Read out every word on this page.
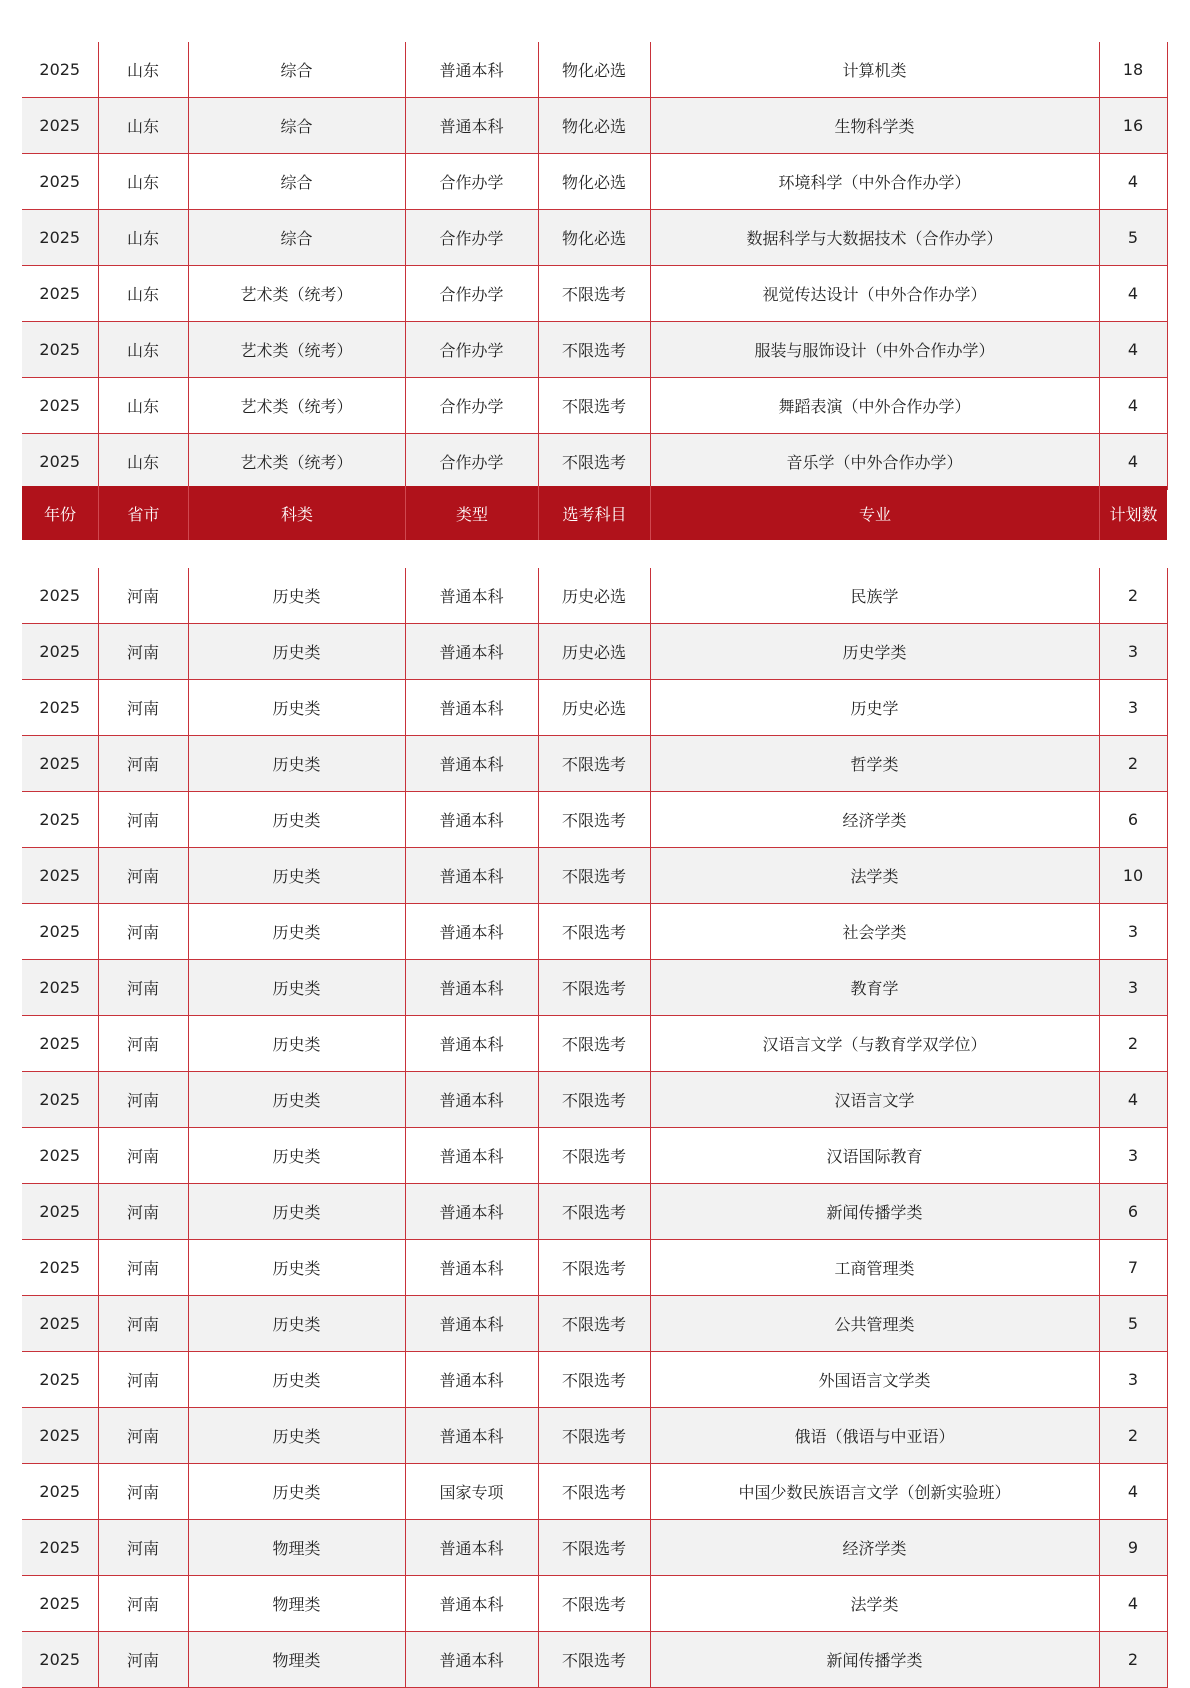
2025	山东	综合	普通本科	物化必选	计算机类	18
2025	山东	综合	普通本科	物化必选	生物科学类	16
2025	山东	综合	合作办学	物化必选	环境科学（中外合作办学）	4
2025	山东	综合	合作办学	物化必选	数据科学与大数据技术（合作办学）	5
2025	山东	艺术类（统考）	合作办学	不限选考	视觉传达设计（中外合作办学）	4
2025	山东	艺术类（统考）	合作办学	不限选考	服装与服饰设计（中外合作办学）	4
2025	山东	艺术类（统考）	合作办学	不限选考	舞蹈表演（中外合作办学）	4
2025	山东	艺术类（统考）	合作办学	不限选考	音乐学（中外合作办学）	4
年份	省市	科类	类型	选考科目	专业	计划数
2025	河南	历史类	普通本科	历史必选	民族学	2
2025	河南	历史类	普通本科	历史必选	历史学类	3
2025	河南	历史类	普通本科	历史必选	历史学	3
2025	河南	历史类	普通本科	不限选考	哲学类	2
2025	河南	历史类	普通本科	不限选考	经济学类	6
2025	河南	历史类	普通本科	不限选考	法学类	10
2025	河南	历史类	普通本科	不限选考	社会学类	3
2025	河南	历史类	普通本科	不限选考	教育学	3
2025	河南	历史类	普通本科	不限选考	汉语言文学（与教育学双学位）	2
2025	河南	历史类	普通本科	不限选考	汉语言文学	4
2025	河南	历史类	普通本科	不限选考	汉语国际教育	3
2025	河南	历史类	普通本科	不限选考	新闻传播学类	6
2025	河南	历史类	普通本科	不限选考	工商管理类	7
2025	河南	历史类	普通本科	不限选考	公共管理类	5
2025	河南	历史类	普通本科	不限选考	外国语言文学类	3
2025	河南	历史类	普通本科	不限选考	俄语（俄语与中亚语）	2
2025	河南	历史类	国家专项	不限选考	中国少数民族语言文学（创新实验班）	4
2025	河南	物理类	普通本科	不限选考	经济学类	9
2025	河南	物理类	普通本科	不限选考	法学类	4
2025	河南	物理类	普通本科	不限选考	新闻传播学类	2
